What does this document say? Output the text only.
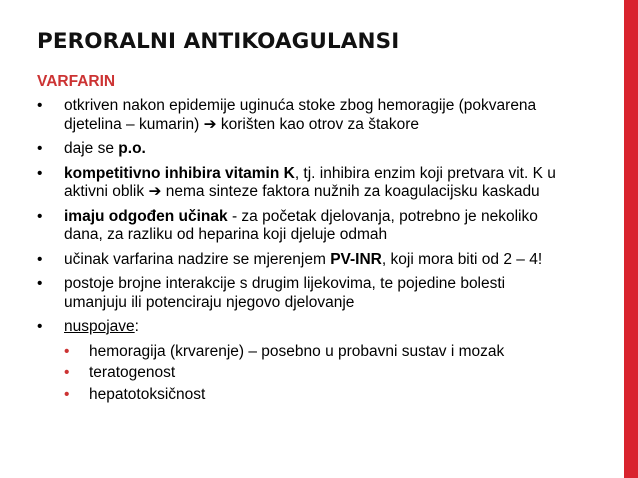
PERORALNI ANTIKOAGULANSI
VARFARIN
• otkriven nakon epidemije uginuća stoke zbog hemoragije (pokvarena
djetelina – kumarin) ➔ korišten kao otrov za štakore
• daje se p.o.
• kompetitivno inhibira vitamin K, tj. inhibira enzim koji pretvara vit. K u
aktivni oblik ➔ nema sinteze faktora nužnih za koagulacijsku kaskadu
• imaju odgođen učinak - za početak djelovanja, potrebno je nekoliko
dana, za razliku od heparina koji djeluje odmah
• učinak varfarina nadzire se mjerenjem PV-INR, koji mora biti od 2 – 4!
• postoje brojne interakcije s drugim lijekovima, te pojedine bolesti
umanjuju ili potenciraju njegovo djelovanje
• nuspojave:
• hemoragija (krvarenje) – posebno u probavni sustav i mozak
• teratogenost
• hepatotoksičnost
